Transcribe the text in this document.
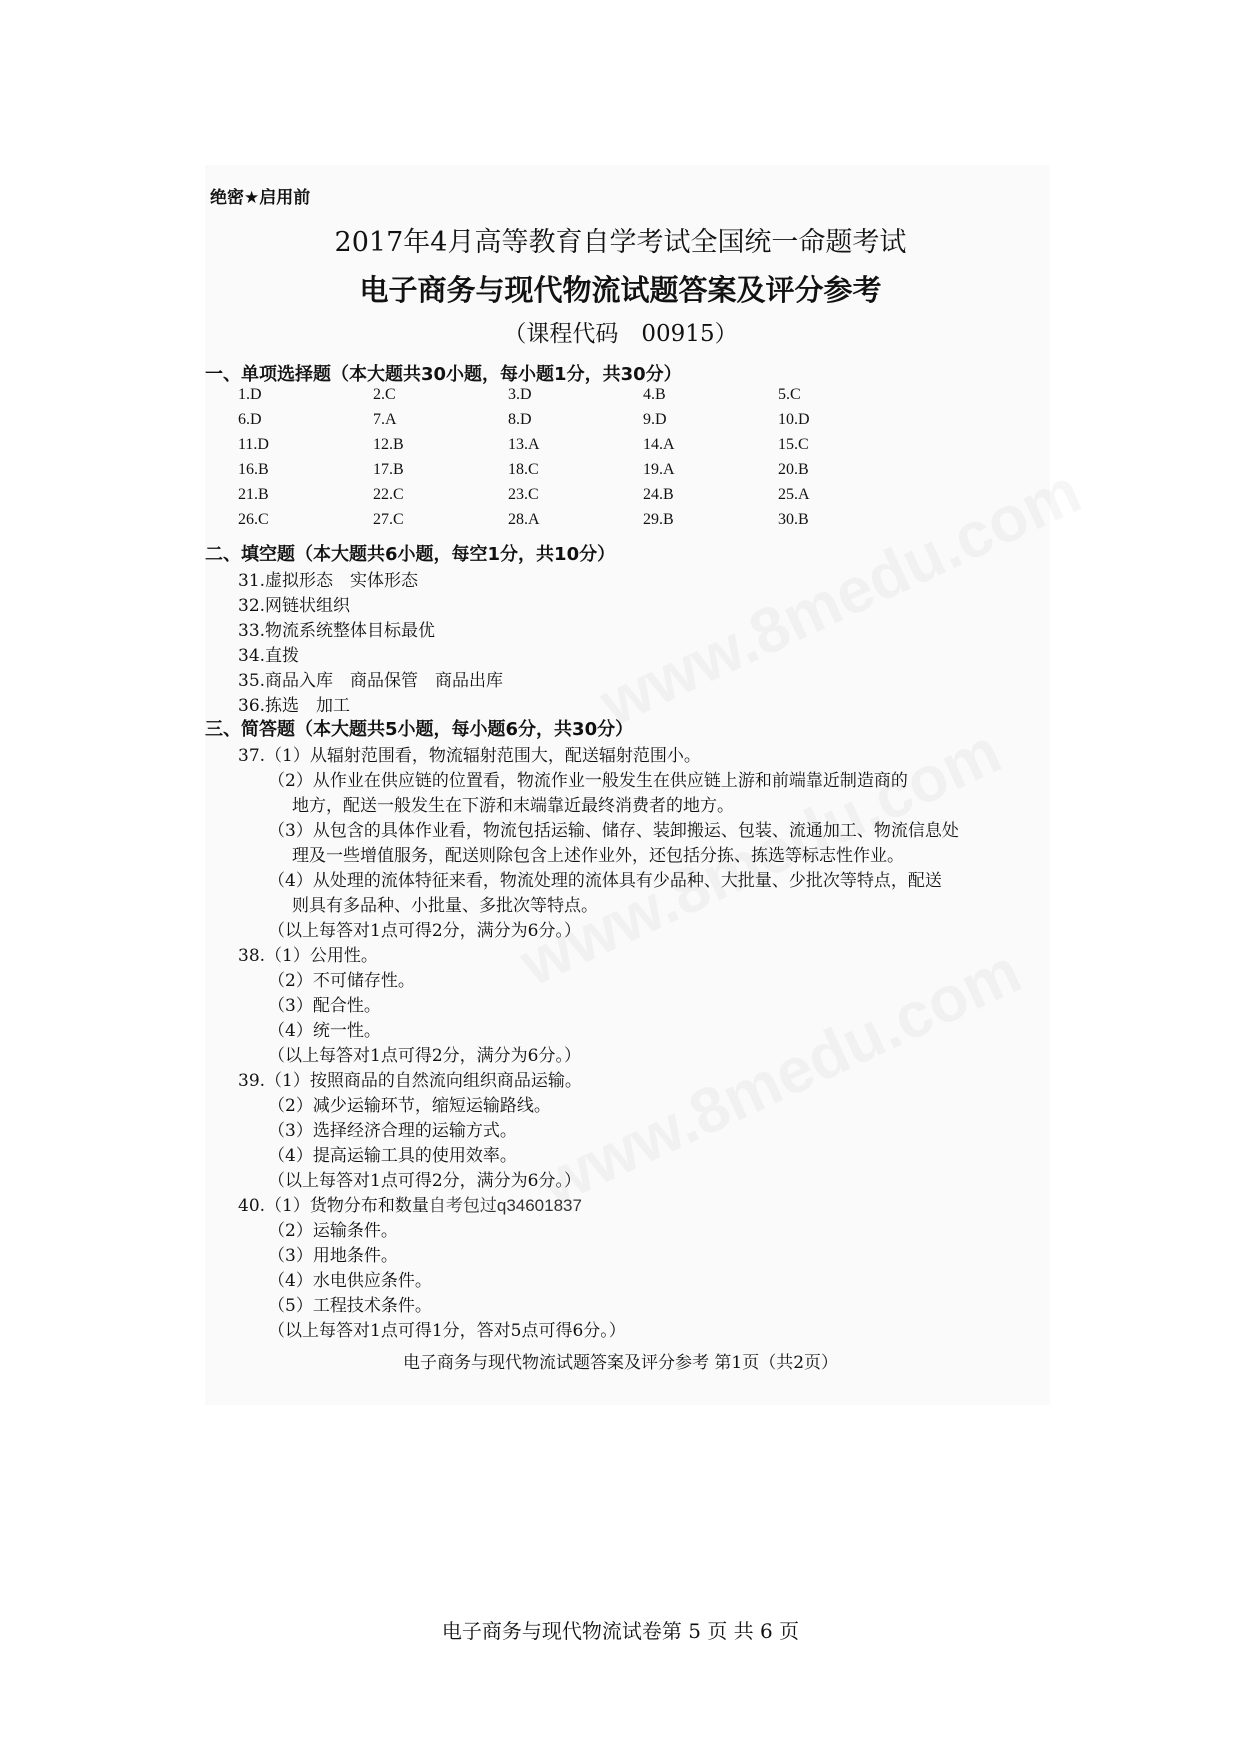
绝密★启用前
2017年4月高等教育自学考试全国统一命题考试
电子商务与现代物流试题答案及评分参考
（课程代码　00915）
一、单项选择题（本大题共30小题，每小题1分，共30分）
1.D	2.C	3.D	4.B	5.C
6.D	7.A	8.D	9.D	10.D
11.D	12.B	13.A	14.A	15.C
16.B	17.B	18.C	19.A	20.B
21.B	22.C	23.C	24.B	25.A
26.C	27.C	28.A	29.B	30.B
二、填空题（本大题共6小题，每空1分，共10分）
31.虚拟形态　实体形态
32.网链状组织
33.物流系统整体目标最优
34.直拨
35.商品入库　商品保管　商品出库
36.拣选　加工
三、简答题（本大题共5小题，每小题6分，共30分）
37.（1）从辐射范围看，物流辐射范围大，配送辐射范围小。
（2）从作业在供应链的位置看，物流作业一般发生在供应链上游和前端靠近制造商的
地方，配送一般发生在下游和末端靠近最终消费者的地方。
（3）从包含的具体作业看，物流包括运输、储存、装卸搬运、包装、流通加工、物流信息处
理及一些增值服务，配送则除包含上述作业外，还包括分拣、拣选等标志性作业。
（4）从处理的流体特征来看，物流处理的流体具有少品种、大批量、少批次等特点，配送
则具有多品种、小批量、多批次等特点。
（以上每答对1点可得2分，满分为6分。）
38.（1）公用性。
（2）不可储存性。
（3）配合性。
（4）统一性。
（以上每答对1点可得2分，满分为6分。）
39.（1）按照商品的自然流向组织商品运输。
（2）减少运输环节，缩短运输路线。
（3）选择经济合理的运输方式。
（4）提高运输工具的使用效率。
（以上每答对1点可得2分，满分为6分。）
40.（1）货物分布和数量自考包过q34601837
（2）运输条件。
（3）用地条件。
（4）水电供应条件。
（5）工程技术条件。
（以上每答对1点可得1分，答对5点可得6分。）
电子商务与现代物流试题答案及评分参考 第1页（共2页）
电子商务与现代物流试卷第 5 页 共 6 页
